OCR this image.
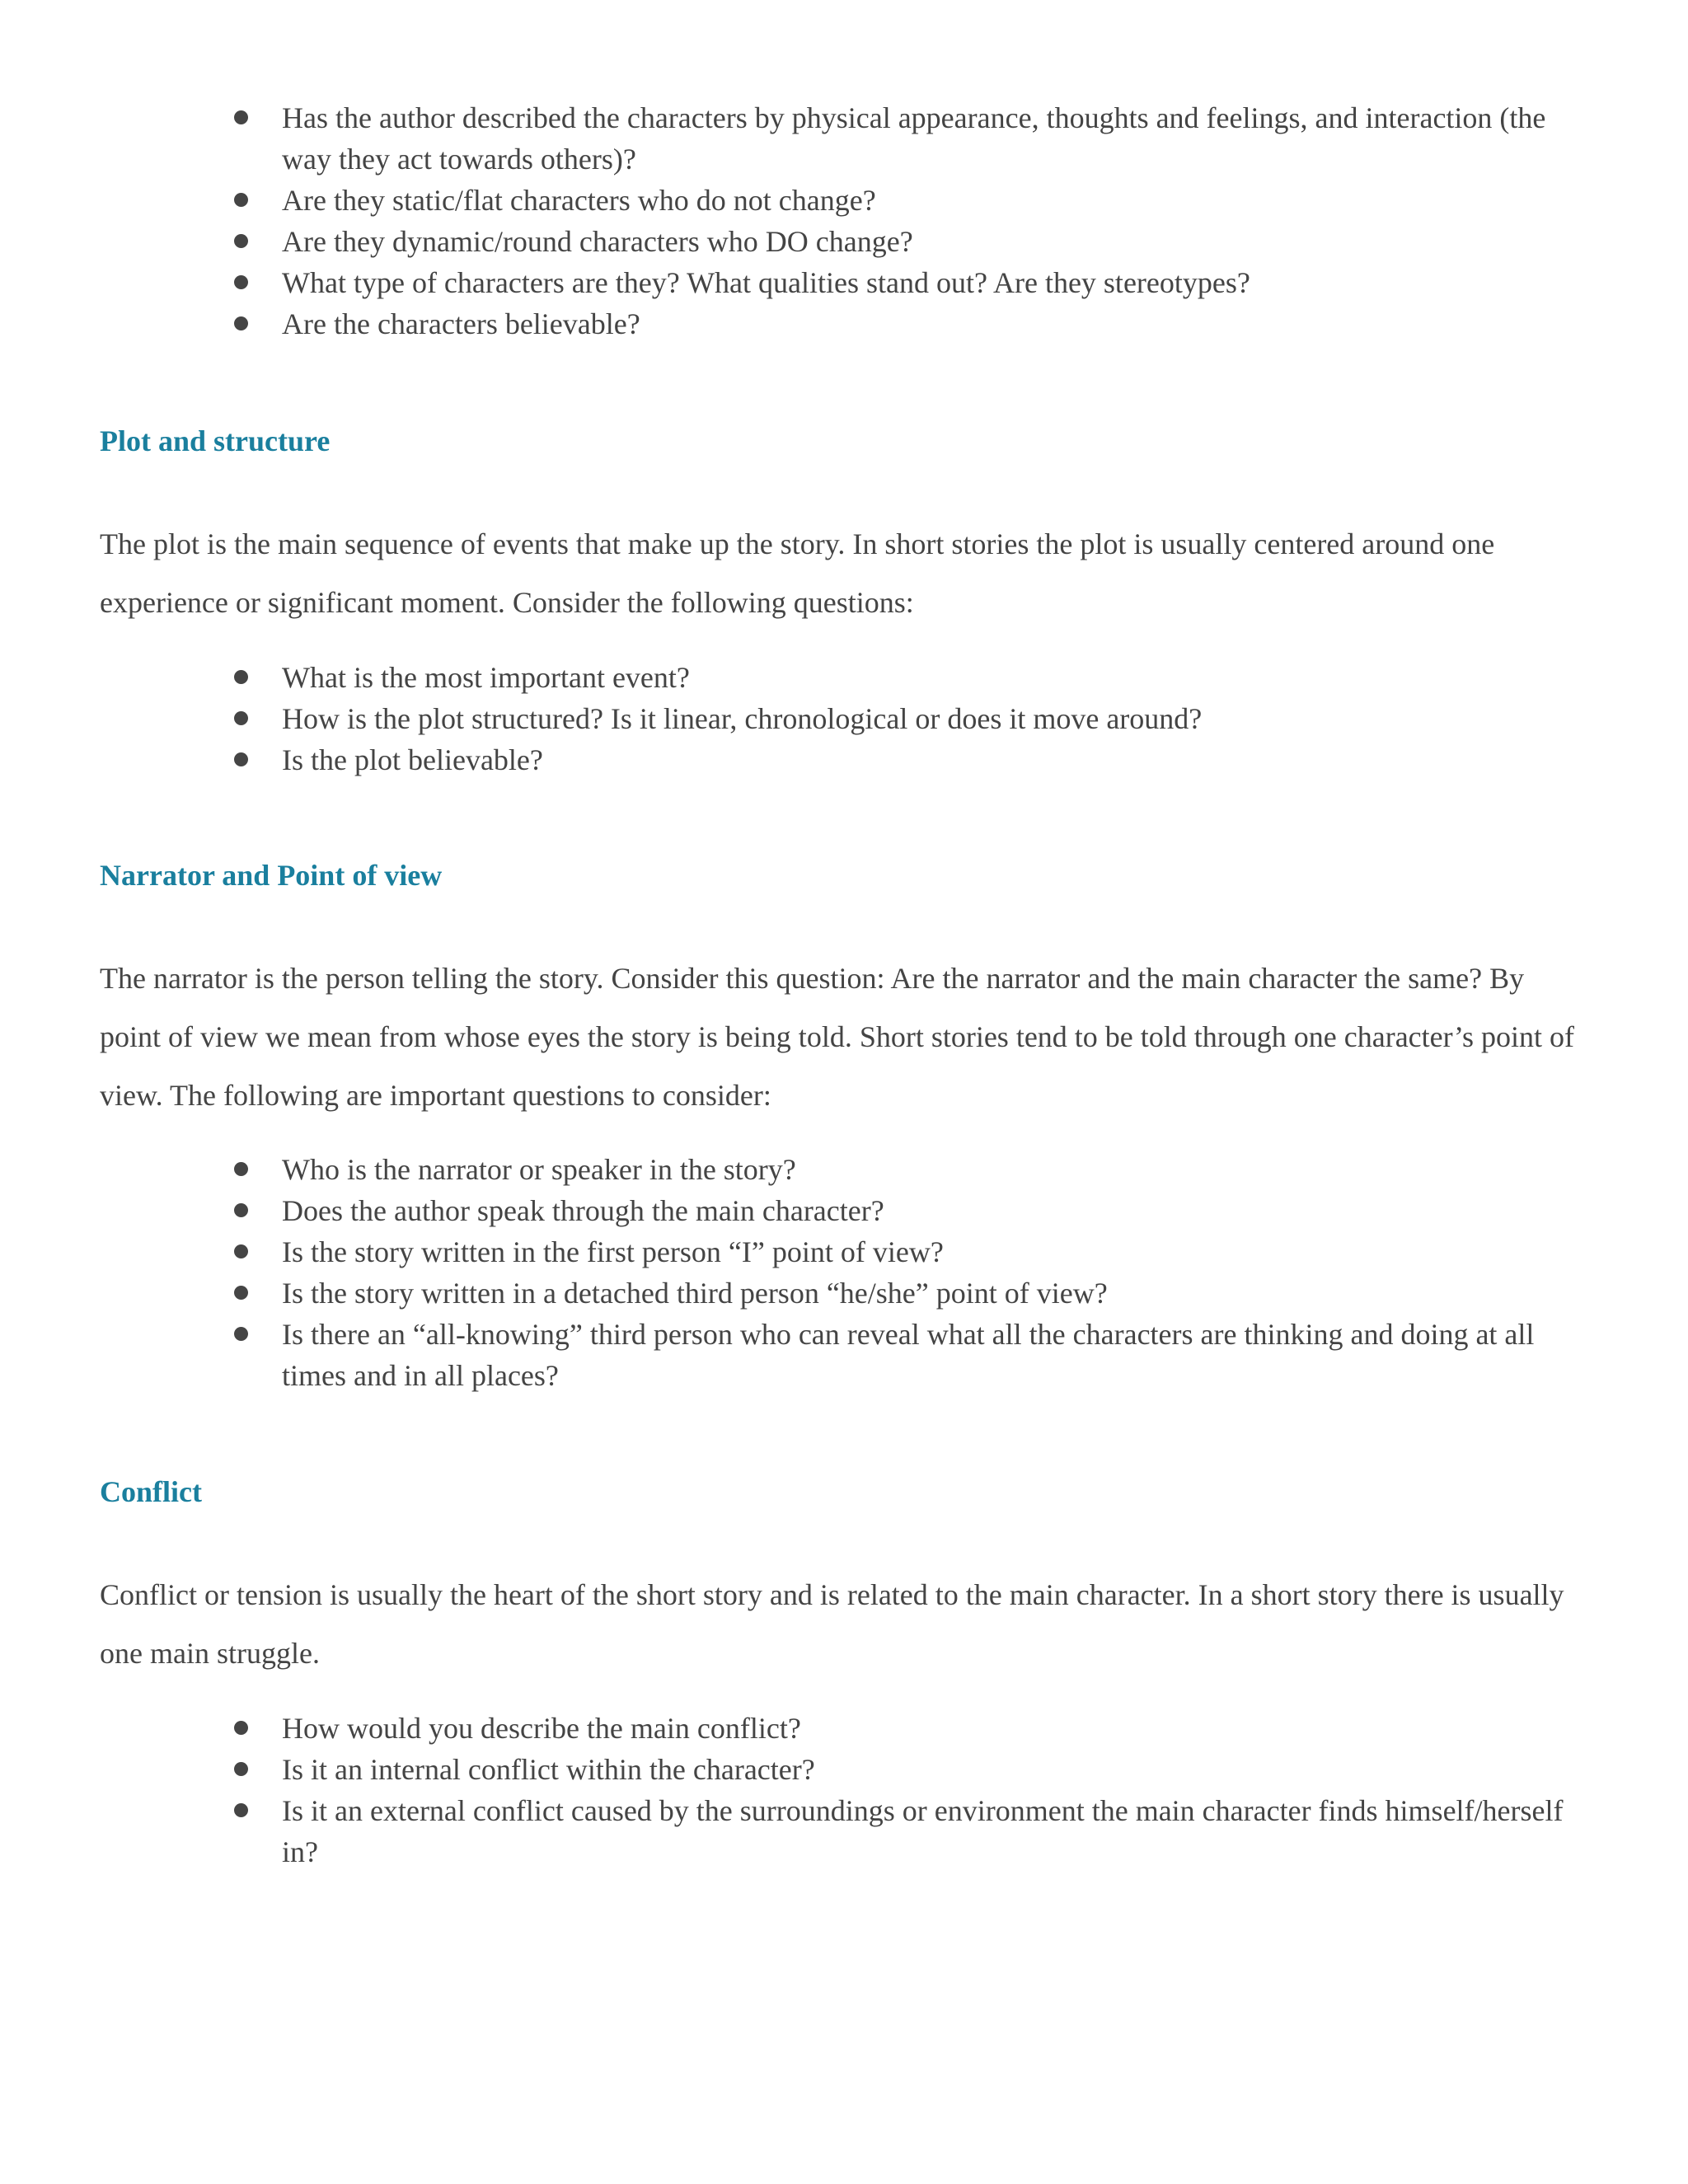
Has the author described the characters by physical appearance, thoughts and feelings, and interaction (the way they act towards others)?
Are they static/flat characters who do not change?
Are they dynamic/round characters who DO change?
What type of characters are they? What qualities stand out? Are they stereotypes?
Are the characters believable?
Plot and structure

The plot is the main sequence of events that make up the story. In short stories the plot is usually centered around one experience or significant moment. Consider the following questions:

What is the most important event?
How is the plot structured? Is it linear, chronological or does it move around?
Is the plot believable?
Narrator and Point of view

The narrator is the person telling the story. Consider this question: Are the narrator and the main character the same? By point of view we mean from whose eyes the story is being told. Short stories tend to be told through one character’s point of view. The following are important questions to consider:

Who is the narrator or speaker in the story?
Does the author speak through the main character?
Is the story written in the first person “I” point of view?
Is the story written in a detached third person “he/she” point of view?
Is there an “all-knowing” third person who can reveal what all the characters are thinking and doing at all times and in all places?
Conflict

Conflict or tension is usually the heart of the short story and is related to the main character. In a short story there is usually one main struggle.

How would you describe the main conflict?
Is it an internal conflict within the character?
Is it an external conflict caused by the surroundings or environment the main character finds himself/herself in?
